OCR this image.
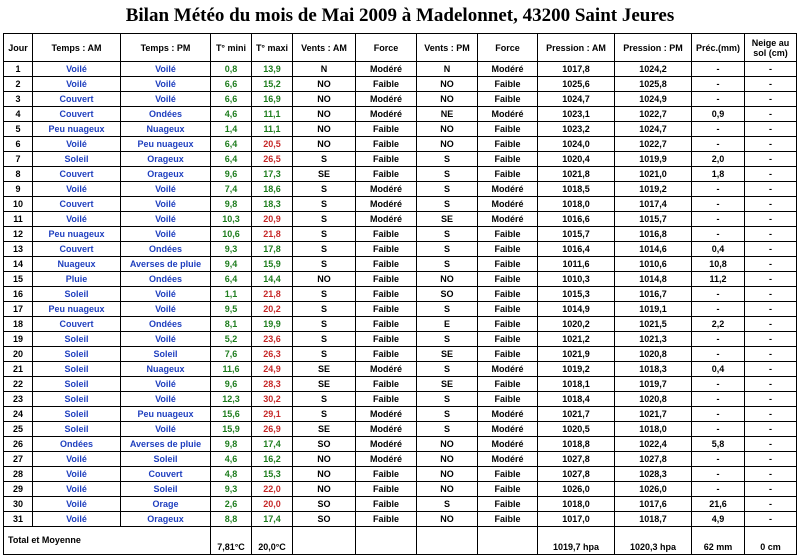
Bilan Météo du mois de Mai 2009 à Madelonnet, 43200 Saint Jeures
Jour	Temps : AM	Temps : PM	T° mini	T° maxi	Vents : AM	Force	Vents : PM	Force	Pression : AM	Pression : PM	Préc.(mm)	Neige au sol (cm)
1	Voilé	Voilé	0,8	13,9	N	Modéré	N	Modéré	1017,8	1024,2	-	-
2	Voilé	Voilé	6,6	15,2	NO	Faible	NO	Faible	1025,6	1025,8	-	-
3	Couvert	Voilé	6,6	16,9	NO	Modéré	NO	Faible	1024,7	1024,9	-	-
4	Couvert	Ondées	4,6	11,1	NO	Modéré	NE	Modéré	1023,1	1022,7	0,9	-
5	Peu nuageux	Nuageux	1,4	11,1	NO	Faible	NO	Faible	1023,2	1024,7	-	-
6	Voilé	Peu nuageux	6,4	20,5	NO	Faible	NO	Faible	1024,0	1022,7	-	-
7	Soleil	Orageux	6,4	26,5	S	Faible	S	Faible	1020,4	1019,9	2,0	-
8	Couvert	Orageux	9,6	17,3	SE	Faible	S	Faible	1021,8	1021,0	1,8	-
9	Voilé	Voilé	7,4	18,6	S	Modéré	S	Modéré	1018,5	1019,2	-	-
10	Couvert	Voilé	9,8	18,3	S	Modéré	S	Modéré	1018,0	1017,4	-	-
11	Voilé	Voilé	10,3	20,9	S	Modéré	SE	Modéré	1016,6	1015,7	-	-
12	Peu nuageux	Voilé	10,6	21,8	S	Faible	S	Faible	1015,7	1016,8	-	-
13	Couvert	Ondées	9,3	17,8	S	Faible	S	Faible	1016,4	1014,6	0,4	-
14	Nuageux	Averses de pluie	9,4	15,9	S	Faible	S	Faible	1011,6	1010,6	10,8	-
15	Pluie	Ondées	6,4	14,4	NO	Faible	NO	Faible	1010,3	1014,8	11,2	-
16	Soleil	Voilé	1,1	21,8	S	Faible	SO	Faible	1015,3	1016,7	-	-
17	Peu nuageux	Voilé	9,5	20,2	S	Faible	S	Faible	1014,9	1019,1	-	-
18	Couvert	Ondées	8,1	19,9	S	Faible	E	Faible	1020,2	1021,5	2,2	-
19	Soleil	Voilé	5,2	23,6	S	Faible	S	Faible	1021,2	1021,3	-	-
20	Soleil	Soleil	7,6	26,3	S	Faible	SE	Faible	1021,9	1020,8	-	-
21	Soleil	Nuageux	11,6	24,9	SE	Modéré	S	Modéré	1019,2	1018,3	0,4	-
22	Soleil	Voilé	9,6	28,3	SE	Faible	SE	Faible	1018,1	1019,7	-	-
23	Soleil	Voilé	12,3	30,2	S	Faible	S	Faible	1018,4	1020,8	-	-
24	Soleil	Peu nuageux	15,6	29,1	S	Modéré	S	Modéré	1021,7	1021,7	-	-
25	Soleil	Voilé	15,9	26,9	SE	Modéré	S	Modéré	1020,5	1018,0	-	-
26	Ondées	Averses de pluie	9,8	17,4	SO	Modéré	NO	Modéré	1018,8	1022,4	5,8	-
27	Voilé	Soleil	4,6	16,2	NO	Modéré	NO	Modéré	1027,8	1027,8	-	-
28	Voilé	Couvert	4,8	15,3	NO	Faible	NO	Faible	1027,8	1028,3	-	-
29	Voilé	Soleil	9,3	22,0	NO	Faible	NO	Faible	1026,0	1026,0	-	-
30	Voilé	Orage	2,6	20,0	SO	Faible	S	Faible	1018,0	1017,6	21,6	-
31	Voilé	Orageux	8,8	17,4	SO	Faible	NO	Faible	1017,0	1018,7	4,9	-
Total et Moyenne			7,81°C	20,0°C					1019,7 hpa	1020,3 hpa	62 mm	0 cm
